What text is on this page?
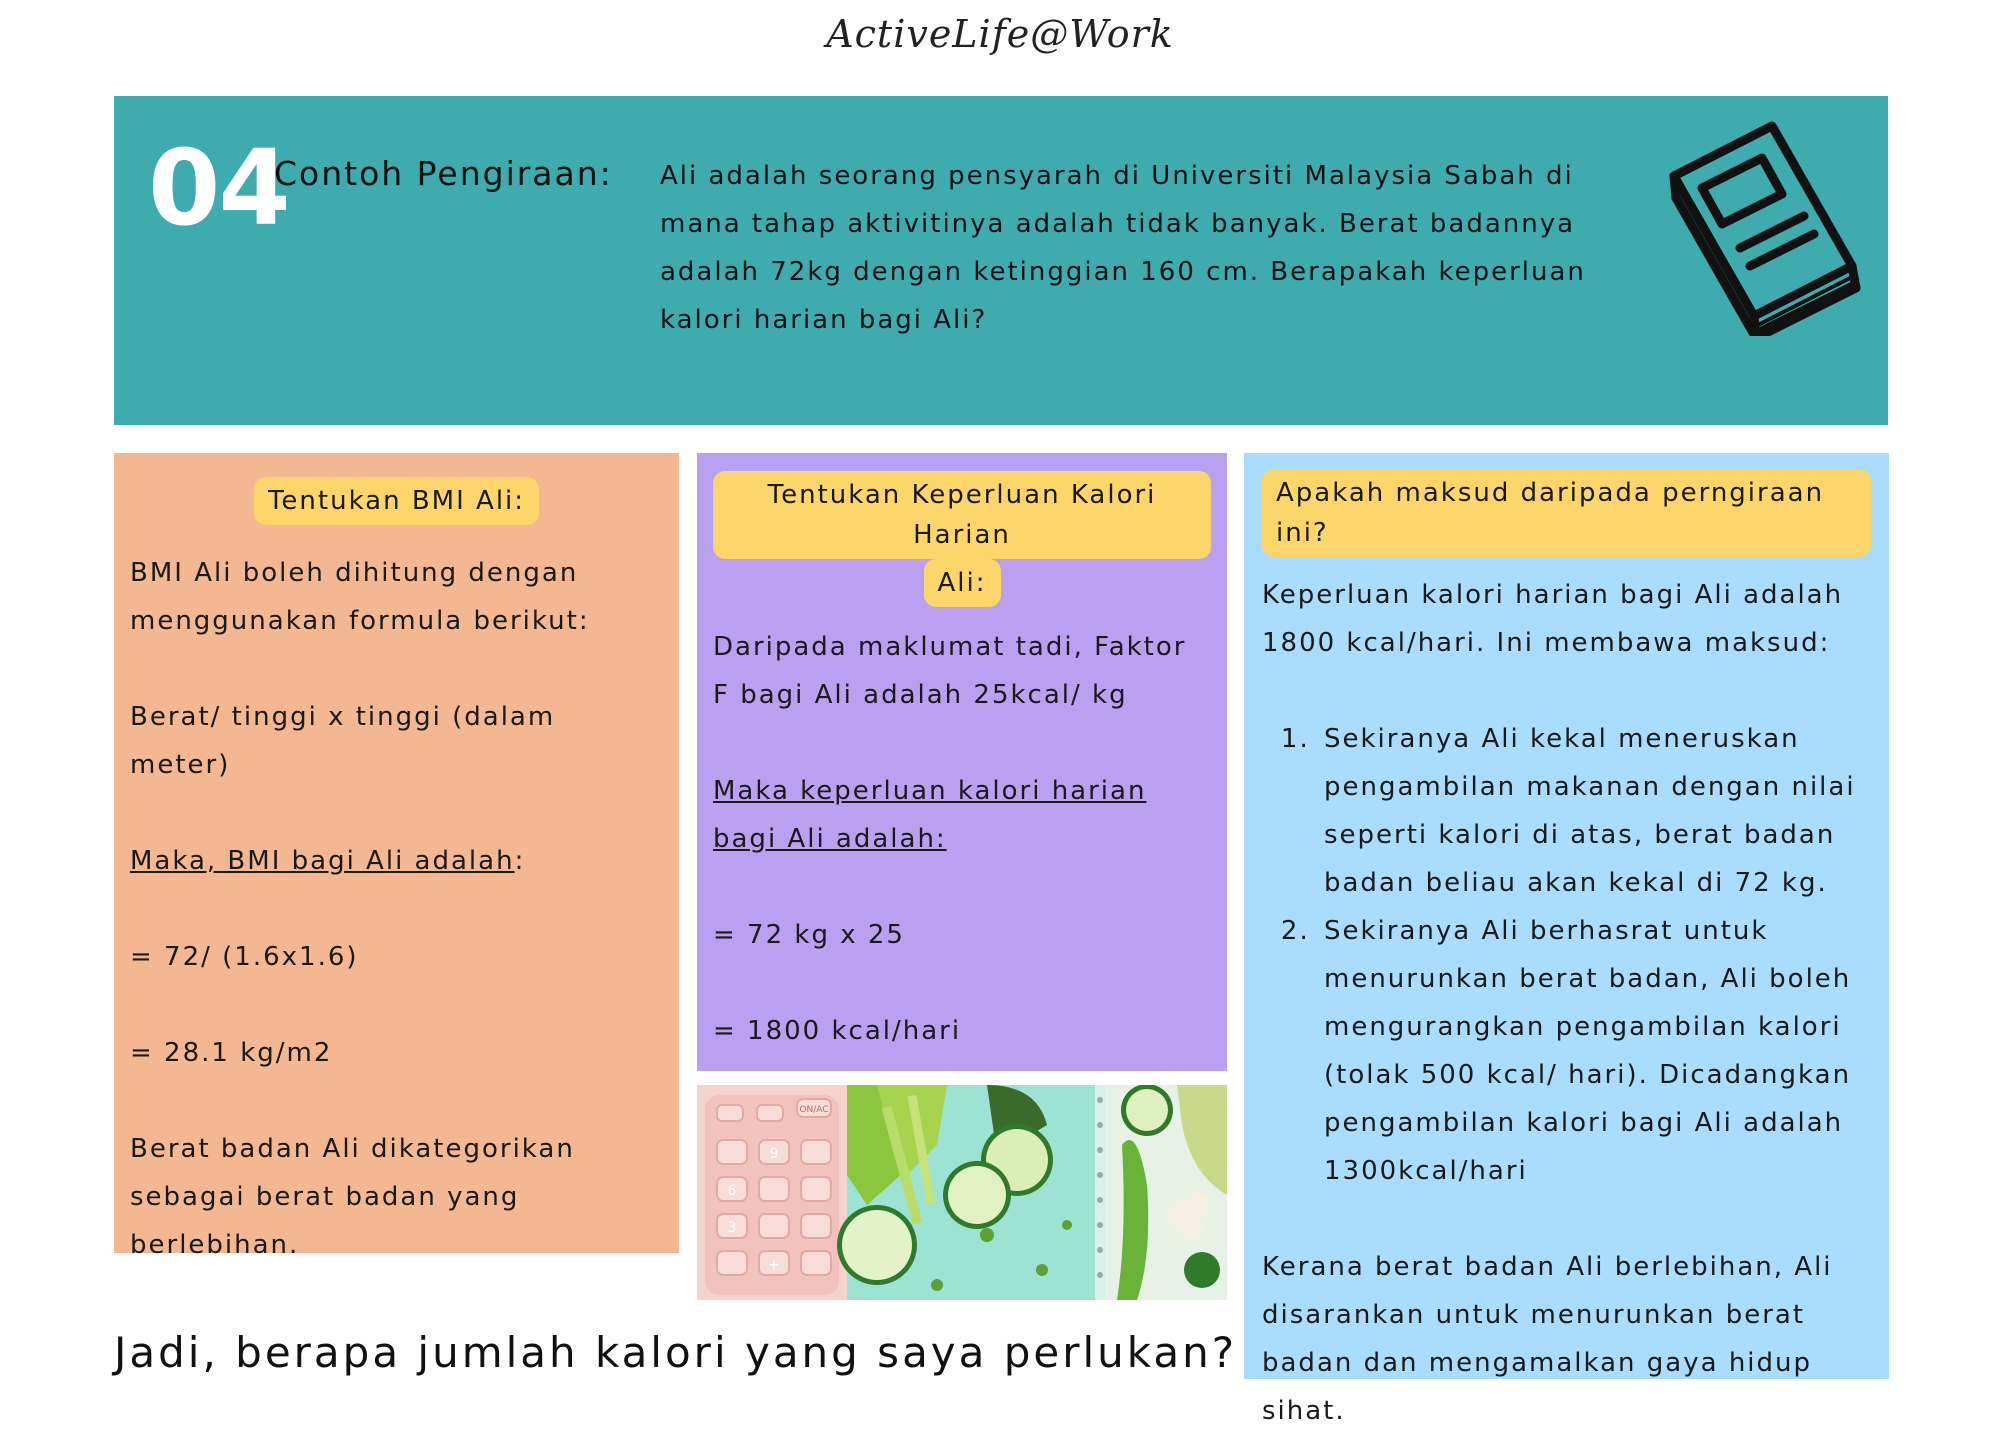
ActiveLife@Work
04
Contoh Pengiraan: Ali adalah seorang pensyarah di Universiti Malaysia Sabah di mana tahap aktivitinya adalah tidak banyak. Berat badannya adalah 72kg dengan ketinggian 160 cm. Berapakah keperluan kalori harian bagi Ali?
Tentukan BMI Ali:

BMI Ali boleh dihitung dengan menggunakan formula berikut:

Berat/ tinggi x tinggi (dalam meter)

Maka, BMI bagi Ali adalah:

= 72/ (1.6x1.6)

= 28.1 kg/m2

Berat badan Ali dikategorikan sebagai berat badan yang berlebihan.

Tentukan Keperluan Kalori Harian
Ali:

Daripada maklumat tadi, Faktor F bagi Ali adalah 25kcal/ kg

Maka keperluan kalori harian bagi Ali adalah:

= 72 kg x 25

= 1800 kcal/hari

ON/AC
9
6
3
+
Apakah maksud daripada perngiraan ini?

Keperluan kalori harian bagi Ali adalah 1800 kcal/hari. Ini membawa maksud:

1. Sekiranya Ali kekal meneruskan pengambilan makanan dengan nilai seperti kalori di atas, berat badan badan beliau akan kekal di 72 kg.
2. Sekiranya Ali berhasrat untuk menurunkan berat badan, Ali boleh mengurangkan pengambilan kalori (tolak 500 kcal/ hari). Dicadangkan pengambilan kalori bagi Ali adalah 1300kcal/hari

Kerana berat badan Ali berlebihan, Ali disarankan untuk menurunkan berat badan dan mengamalkan gaya hidup sihat.

Jadi, berapa jumlah kalori yang saya perlukan?
